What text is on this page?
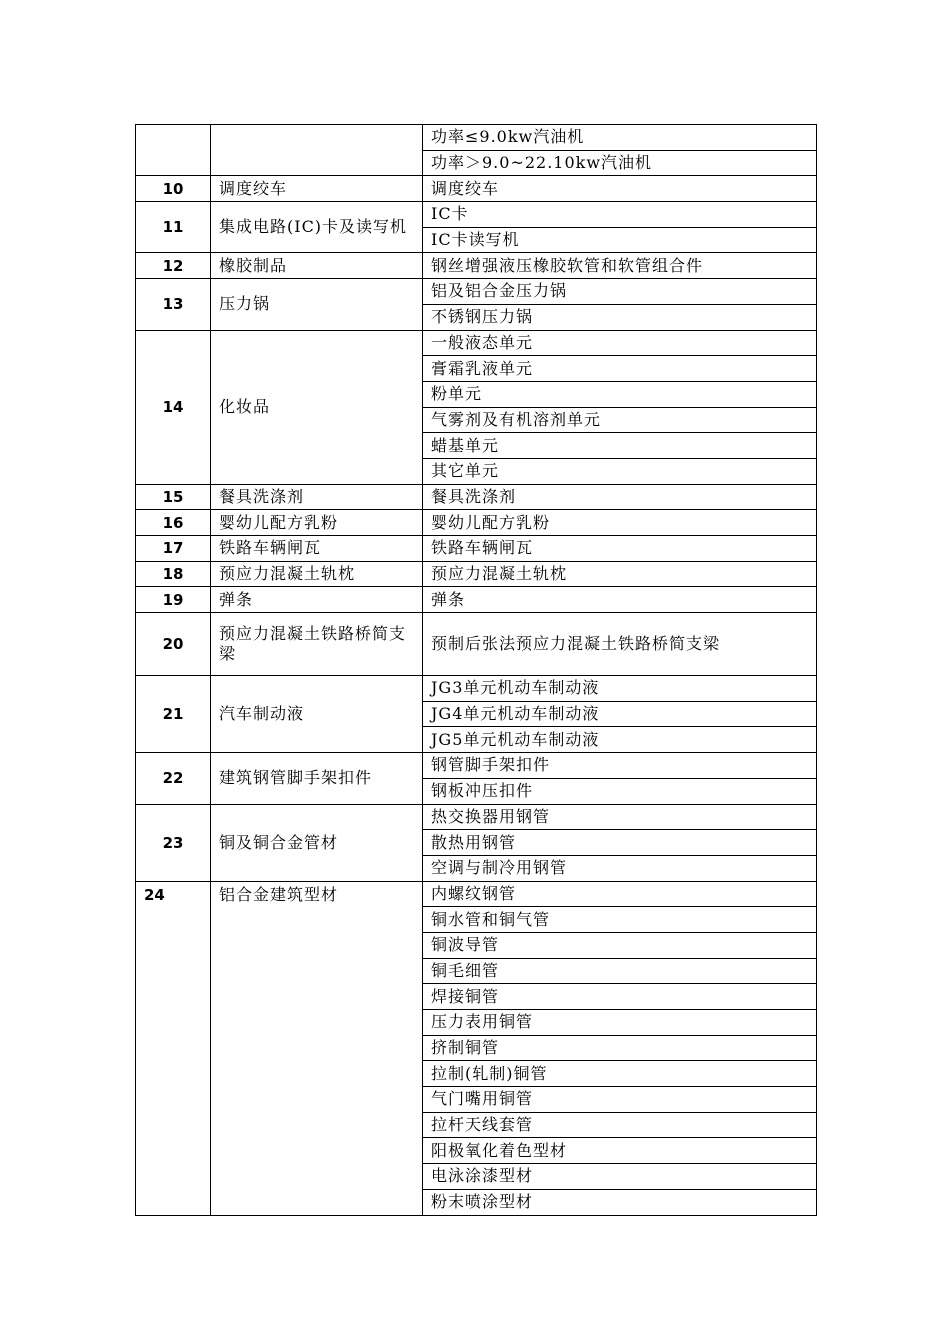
		功率≤9.0kw汽油机
		功率＞9.0~22.10kw汽油机
10	调度绞车	调度绞车
11	集成电路(IC)卡及读写机	IC卡
		IC卡读写机
12	橡胶制品	钢丝增强液压橡胶软管和软管组合件
13	压力锅	铝及铝合金压力锅
		不锈钢压力锅
14	化妆品	一般液态单元
		膏霜乳液单元
		粉单元
		气雾剂及有机溶剂单元
		蜡基单元
		其它单元
15	餐具洗涤剂	餐具洗涤剂
16	婴幼儿配方乳粉	婴幼儿配方乳粉
17	铁路车辆闸瓦	铁路车辆闸瓦
18	预应力混凝土轨枕	预应力混凝土轨枕
19	弹条	弹条
20	预应力混凝土铁路桥简支梁	预制后张法预应力混凝土铁路桥简支梁
21	汽车制动液	JG3单元机动车制动液
		JG4单元机动车制动液
		JG5单元机动车制动液
22	建筑钢管脚手架扣件	钢管脚手架扣件
		钢板冲压扣件
23	铜及铜合金管材	热交换器用钢管
		散热用钢管
		空调与制冷用钢管
24	铝合金建筑型材	内螺纹钢管
		铜水管和铜气管
		铜波导管
		铜毛细管
		焊接铜管
		压力表用铜管
		挤制铜管
		拉制(轧制)铜管
		气门嘴用铜管
		拉杆天线套管
		阳极氧化着色型材
		电泳涂漆型材
		粉末喷涂型材
